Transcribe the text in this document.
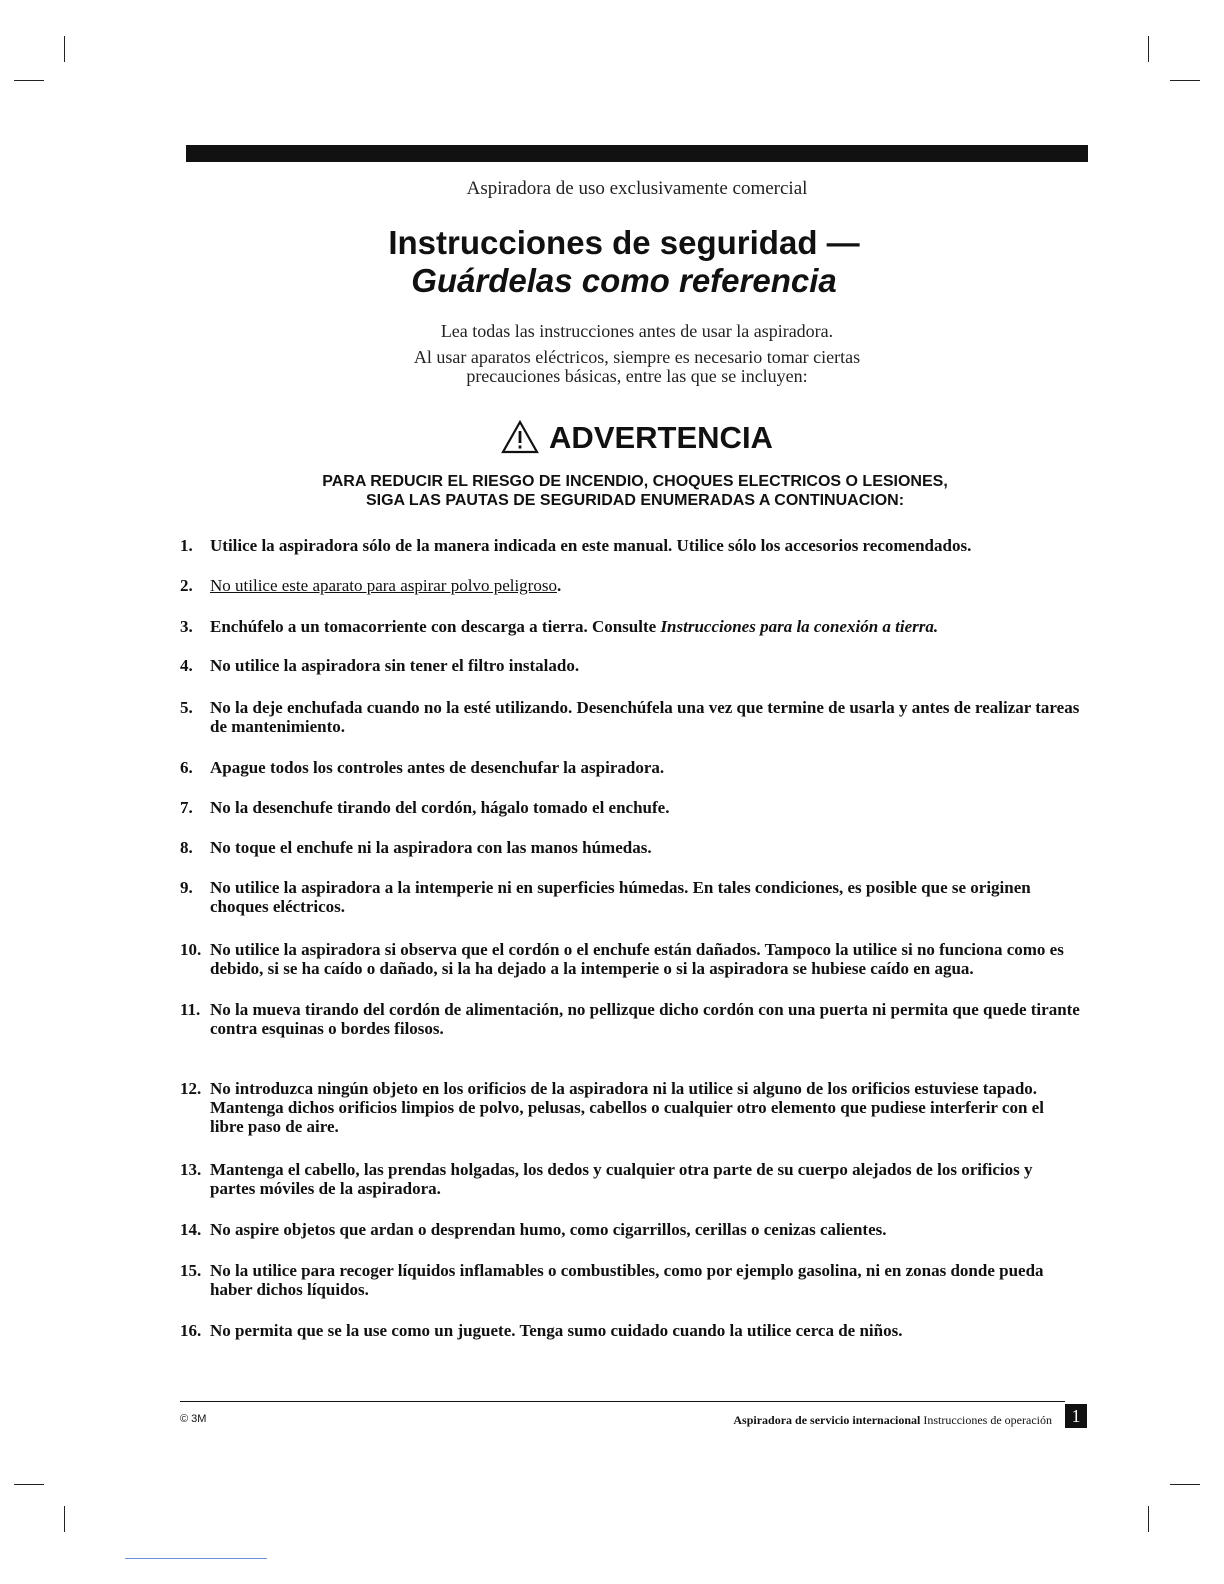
Aspiradora de uso exclusivamente comercial
Instrucciones de seguridad —
Guárdelas como referencia

Lea todas las instrucciones antes de usar la aspiradora.

Al usar aparatos eléctricos, siempre es necesario tomar ciertas
precauciones básicas, entre las que se incluyen:

ADVERTENCIA
PARA REDUCIR EL RIESGO DE INCENDIO, CHOQUES ELECTRICOS O LESIONES,
SIGA LAS PAUTAS DE SEGURIDAD ENUMERADAS A CONTINUACION:
1. Utilice la aspiradora sólo de la manera indicada en este manual. Utilice sólo los accesorios recomendados.
2. No utilice este aparato para aspirar polvo peligroso.
3. Enchúfelo a un tomacorriente con descarga a tierra. Consulte Instrucciones para la conexión a tierra.
4. No utilice la aspiradora sin tener el filtro instalado.
5. No la deje enchufada cuando no la esté utilizando. Desenchúfela una vez que termine de usarla y antes de realizar tareas de mantenimiento.
6. Apague todos los controles antes de desenchufar la aspiradora.
7. No la desenchufe tirando del cordón, hágalo tomado el enchufe.
8. No toque el enchufe ni la aspiradora con las manos húmedas.
9. No utilice la aspiradora a la intemperie ni en superficies húmedas. En tales condiciones, es posible que se originen choques eléctricos.
10. No utilice la aspiradora si observa que el cordón o el enchufe están dañados. Tampoco la utilice si no funciona como es debido, si se ha caído o dañado, si la ha dejado a la intemperie o si la aspiradora se hubiese caído en agua.
11. No la mueva tirando del cordón de alimentación, no pellizque dicho cordón con una puerta ni permita que quede tirante contra esquinas o bordes filosos.
12. No introduzca ningún objeto en los orificios de la aspiradora ni la utilice si alguno de los orificios estuviese tapado. Mantenga dichos orificios limpios de polvo, pelusas, cabellos o cualquier otro elemento que pudiese interferir con el libre paso de aire.
13. Mantenga el cabello, las prendas holgadas, los dedos y cualquier otra parte de su cuerpo alejados de los orificios y partes móviles de la aspiradora.
14. No aspire objetos que ardan o desprendan humo, como cigarrillos, cerillas o cenizas calientes.
15. No la utilice para recoger líquidos inflamables o combustibles, como por ejemplo gasolina, ni en zonas donde pueda haber dichos líquidos.
16. No permita que se la use como un juguete. Tenga sumo cuidado cuando la utilice cerca de niños.
© 3M	Aspiradora de servicio internacional Instrucciones de operación	1
